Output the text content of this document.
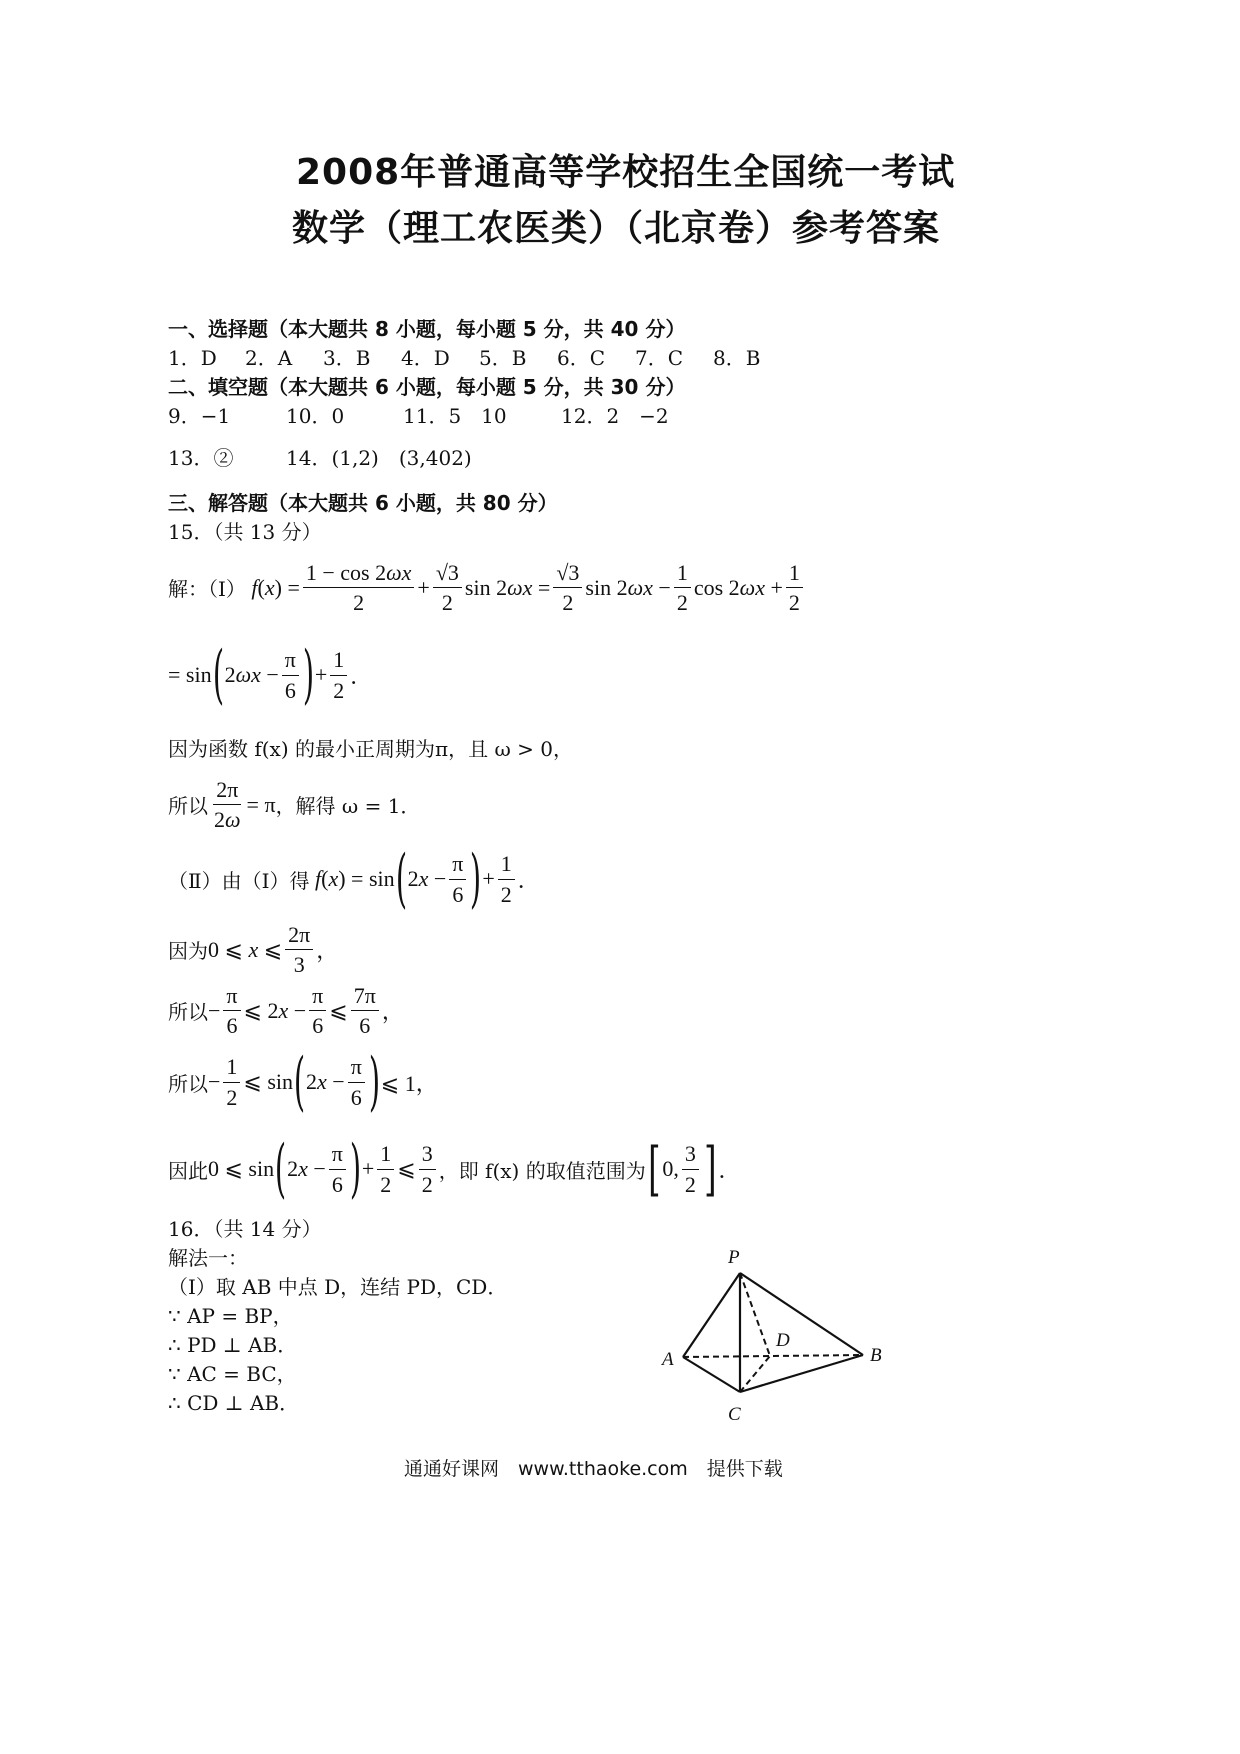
2008年普通高等学校招生全国统一考试
数学（理工农医类）（北京卷）参考答案
一、选择题（本大题共 8 小题，每小题 5 分，共 40 分）
1．D 2．A 3．B 4．D 5．B 6．C 7．C 8．B
二、填空题（本大题共 6 小题，每小题 5 分，共 30 分）
9．−1	10．0	11．5　10	12．2　−2
13．②	14．(1,2)　(3,402)
三、解答题（本大题共 6 小题，共 80 分）
15．（共 13 分）
解：（Ⅰ） $f(x) = \frac{1 - \cos 2\omega x}{2} + \frac{√3}{2}$ $\sin 2\omega x = \frac{√3}{2}$ $\sin 2\omega x - \frac{1}{2}$ $\cos 2\omega x + \frac{1}{2}$
= sin ( $2\omega x - \frac{\pi}{6}$ ) + $\frac{1}{2}$ ．
因为函数 f(x) 的最小正周期为π，且 ω > 0，
所以 $\frac{2\pi}{2\omega} = \pi$ ，解得 ω = 1．
（Ⅱ）由（Ⅰ）得 f(x) = sin ( $2x - \frac{\pi}{6}$ ) + $\frac{1}{2}$ ．
因为 0 ⩽ x ⩽ $\frac{2\pi}{3}$ ，
所以 − $\frac{\pi}{6}$ ⩽ $2x - \frac{\pi}{6}$ ⩽ $\frac{7\pi}{6}$ ，
所以 − $\frac{1}{2}$ ⩽ sin ( $2x - \frac{\pi}{6}$ ) ⩽ 1，
因此 0 ⩽ sin ( $2x - \frac{\pi}{6}$ ) + $\frac{1}{2}$ ⩽ $\frac{3}{2}$ ，即 f(x) 的取值范围为 [ 0, $\frac{3}{2}$ ] ．
16．（共 14 分）
解法一：
（Ⅰ）取 AB 中点 D，连结 PD，CD．
∵ AP = BP，
∴ PD ⊥ AB．
∵ AC = BC，
∴ CD ⊥ AB．
P
A	B
C
D
通通好课网　www.tthaoke.com　提供下载
